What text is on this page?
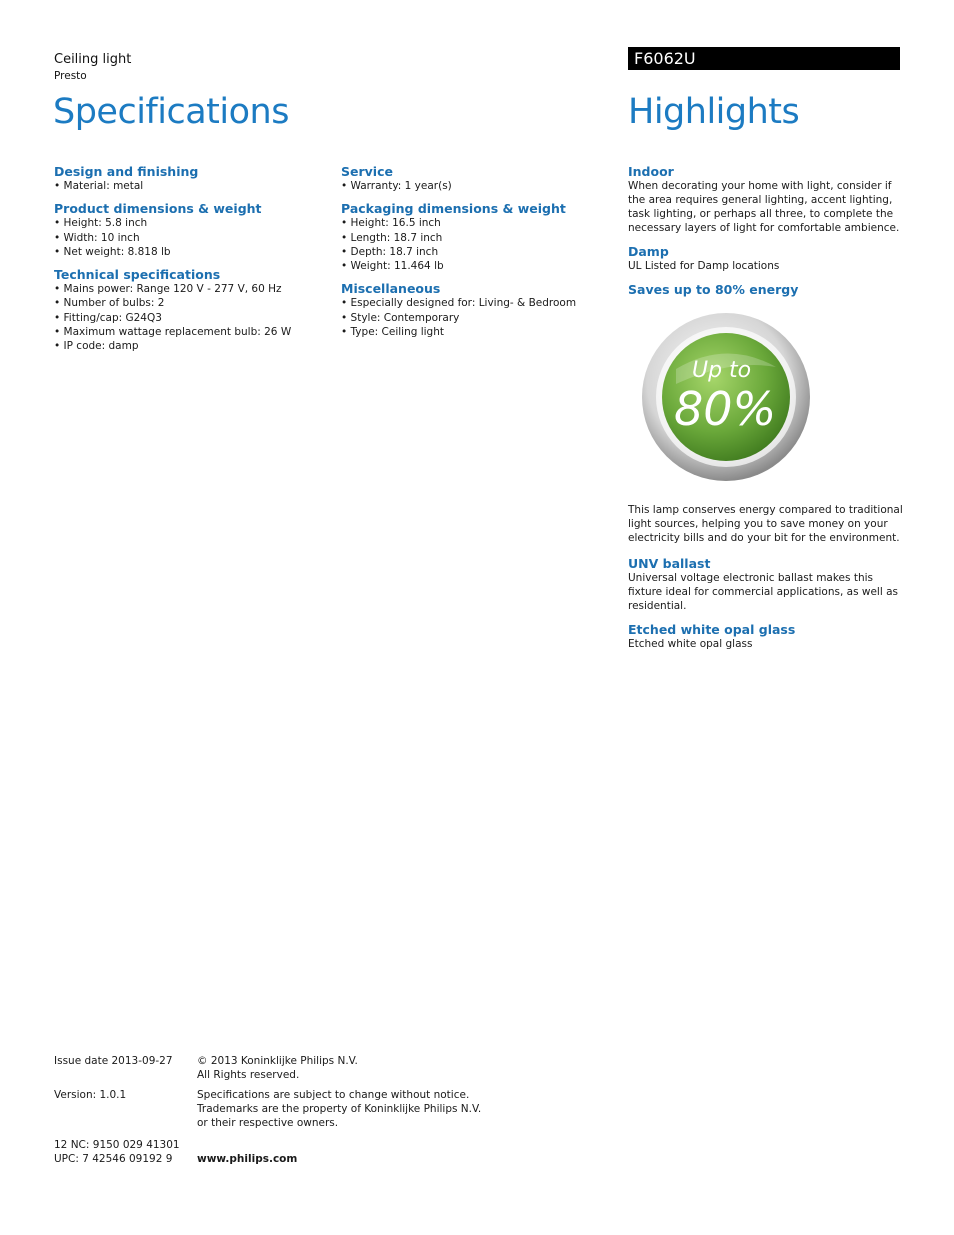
Ceiling light
Presto
Specifications
F6062U
Highlights
Design and finishing
• Material: metal
Product dimensions & weight
• Height: 5.8 inch
• Width: 10 inch
• Net weight: 8.818 lb
Technical specifications
• Mains power: Range 120 V - 277 V, 60 Hz
• Number of bulbs: 2
• Fitting/cap: G24Q3
• Maximum wattage replacement bulb: 26 W
• IP code: damp
Service
• Warranty: 1 year(s)
Packaging dimensions & weight
• Height: 16.5 inch
• Length: 18.7 inch
• Depth: 18.7 inch
• Weight: 11.464 lb
Miscellaneous
• Especially designed for: Living- & Bedroom
• Style: Contemporary
• Type: Ceiling light
Indoor

When decorating your home with light, consider if the area requires general lighting, accent lighting, task lighting, or perhaps all three, to complete the necessary layers of light for comfortable ambience.

Damp

UL Listed for Damp locations

Saves up to 80% energy
Up to
80%

This lamp conserves energy compared to traditional light sources, helping you to save money on your electricity bills and do your bit for the environment.

UNV ballast

Universal voltage electronic ballast makes this fixture ideal for commercial applications, as well as residential.

Etched white opal glass

Etched white opal glass

Issue date 2013-09-27 © 2013 Koninklijke Philips N.V.
All Rights reserved.
Version: 1.0.1	Specifications are subject to change without notice.
Trademarks are the property of Koninklijke Philips N.V.
or their respective owners.
12 NC: 9150 029 41301
UPC: 7 42546 09192 9	www.philips.com
